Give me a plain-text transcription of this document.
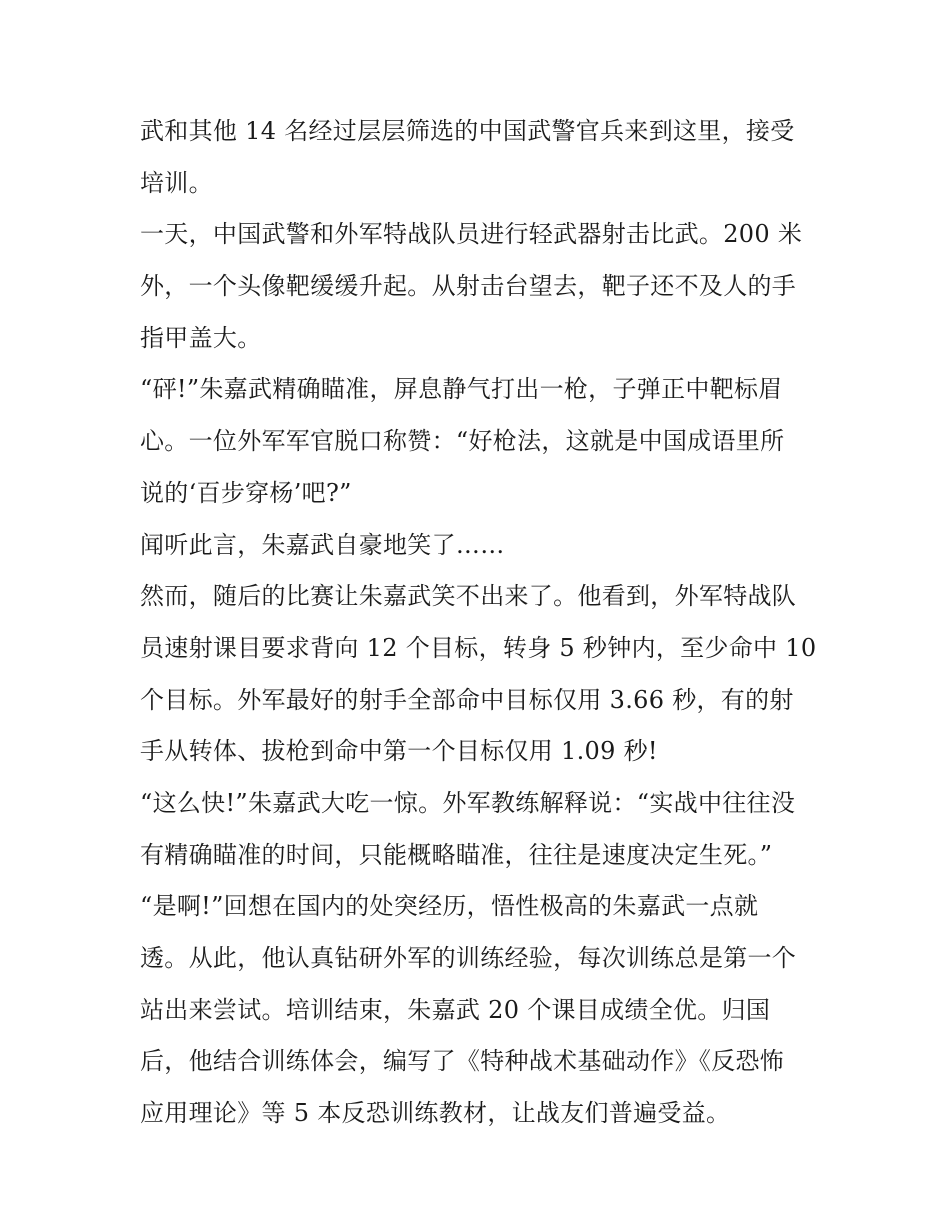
武和其他 14 名经过层层筛选的中国武警官兵来到这里，接受
培训。
一天，中国武警和外军特战队员进行轻武器射击比武。200 米
外，一个头像靶缓缓升起。从射击台望去，靶子还不及人的手
指甲盖大。
“砰!”朱嘉武精确瞄准，屏息静气打出一枪，子弹正中靶标眉
心。一位外军军官脱口称赞：“好枪法，这就是中国成语里所
说的‘百步穿杨’吧?”
闻听此言，朱嘉武自豪地笑了……
然而，随后的比赛让朱嘉武笑不出来了。他看到，外军特战队
员速射课目要求背向 12 个目标，转身 5 秒钟内，至少命中 10
个目标。外军最好的射手全部命中目标仅用 3.66 秒，有的射
手从转体、拔枪到命中第一个目标仅用 1.09 秒!
“这么快!”朱嘉武大吃一惊。外军教练解释说：“实战中往往没
有精确瞄准的时间，只能概略瞄准，往往是速度决定生死。”
“是啊!”回想在国内的处突经历，悟性极高的朱嘉武一点就
透。从此，他认真钻研外军的训练经验，每次训练总是第一个
站出来尝试。培训结束，朱嘉武 20 个课目成绩全优。归国
后，他结合训练体会，编写了《特种战术基础动作》《反恐怖
应用理论》等 5 本反恐训练教材，让战友们普遍受益。
